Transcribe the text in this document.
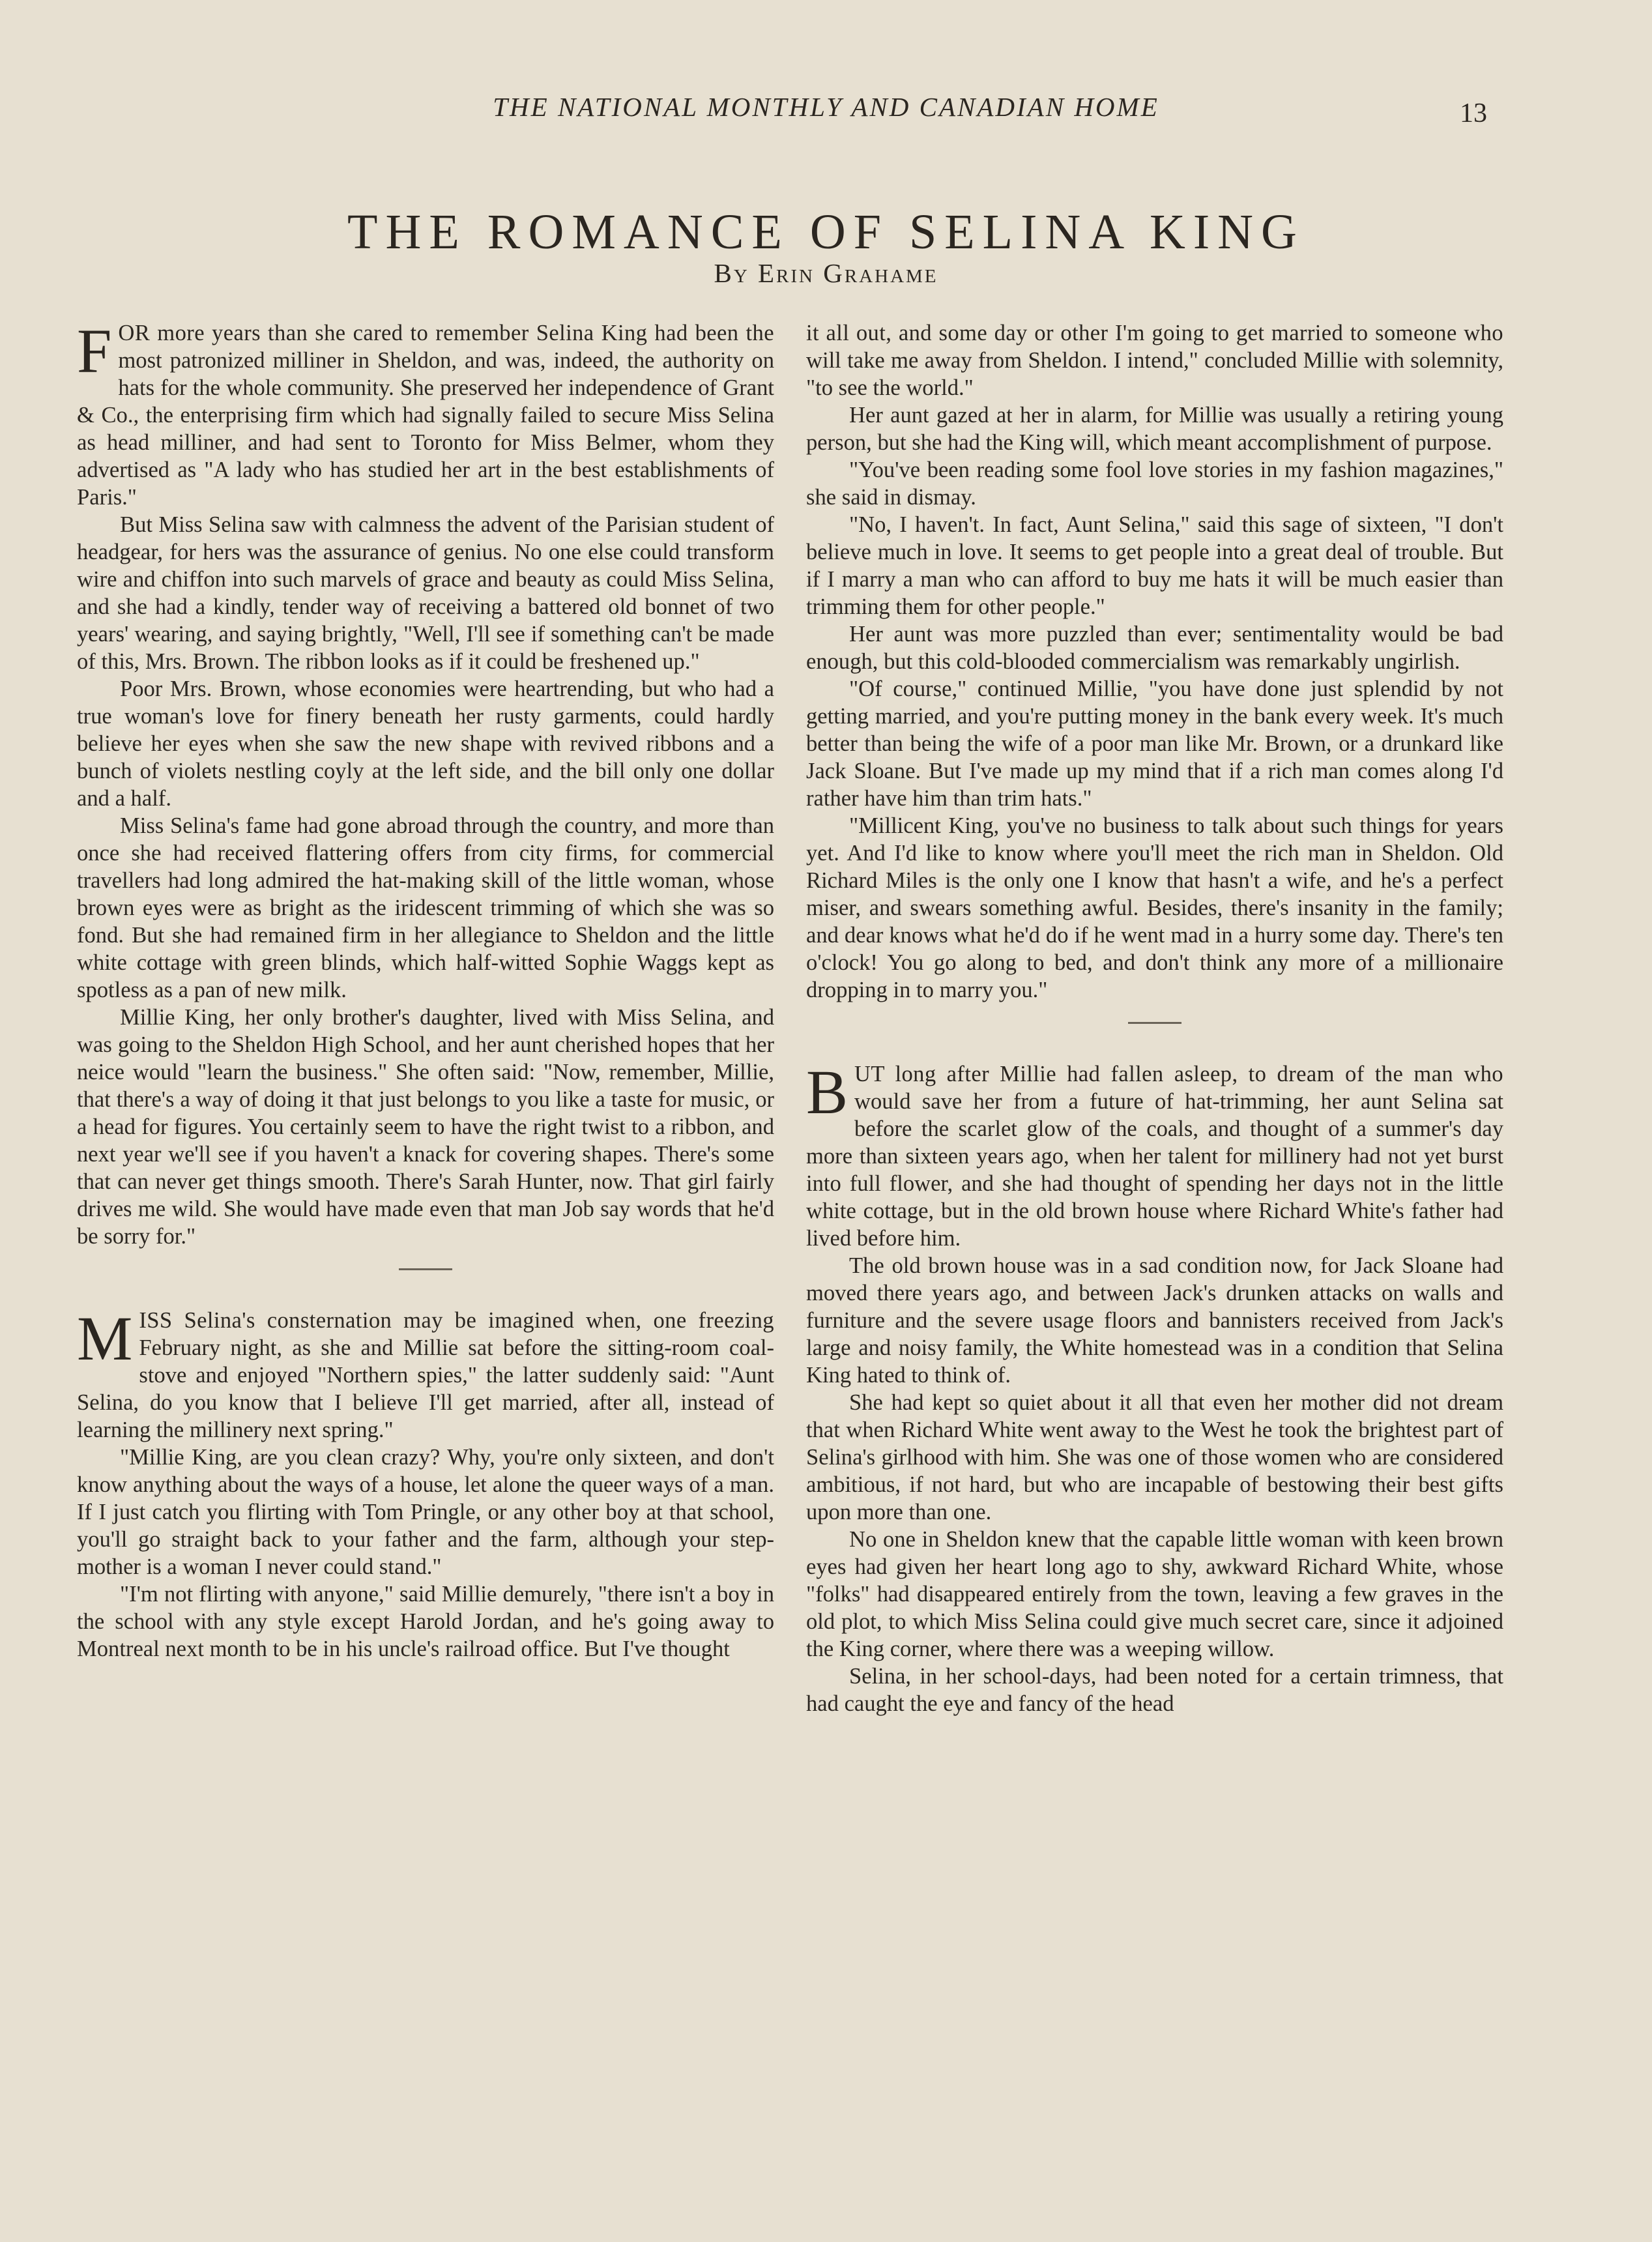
THE NATIONAL MONTHLY AND CANADIAN HOME	13
THE ROMANCE OF SELINA KING
By Erin Grahame

FOR more years than she cared to remember Selina King had been the most patronized milliner in Sheldon, and was, indeed, the authority on hats for the whole community. She preserved her independence of Grant & Co., the enterprising firm which had signally failed to secure Miss Selina as head milliner, and had sent to Toronto for Miss Belmer, whom they advertised as "A lady who has studied her art in the best establishments of Paris."

But Miss Selina saw with calmness the advent of the Parisian student of headgear, for hers was the assurance of genius. No one else could transform wire and chiffon into such marvels of grace and beauty as could Miss Selina, and she had a kindly, tender way of receiving a battered old bonnet of two years' wearing, and saying brightly, "Well, I'll see if something can't be made of this, Mrs. Brown. The ribbon looks as if it could be freshened up."

Poor Mrs. Brown, whose economies were heartrending, but who had a true woman's love for finery beneath her rusty garments, could hardly believe her eyes when she saw the new shape with revived ribbons and a bunch of violets nestling coyly at the left side, and the bill only one dollar and a half.

Miss Selina's fame had gone abroad through the country, and more than once she had received flattering offers from city firms, for commercial travellers had long admired the hat-making skill of the little woman, whose brown eyes were as bright as the iridescent trimming of which she was so fond. But she had remained firm in her allegiance to Sheldon and the little white cottage with green blinds, which half-witted Sophie Waggs kept as spotless as a pan of new milk.

Millie King, her only brother's daughter, lived with Miss Selina, and was going to the Sheldon High School, and her aunt cherished hopes that her neice would "learn the business." She often said: "Now, remember, Millie, that there's a way of doing it that just belongs to you like a taste for music, or a head for figures. You certainly seem to have the right twist to a ribbon, and next year we'll see if you haven't a knack for covering shapes. There's some that can never get things smooth. There's Sarah Hunter, now. That girl fairly drives me wild. She would have made even that man Job say words that he'd be sorry for."

MISS Selina's consternation may be imagined when, one freezing February night, as she and Millie sat before the sitting-room coal-stove and enjoyed "Northern spies," the latter suddenly said: "Aunt Selina, do you know that I believe I'll get married, after all, instead of learning the millinery next spring."

"Millie King, are you clean crazy? Why, you're only sixteen, and don't know anything about the ways of a house, let alone the queer ways of a man. If I just catch you flirting with Tom Pringle, or any other boy at that school, you'll go straight back to your father and the farm, although your step-mother is a woman I never could stand."

"I'm not flirting with anyone," said Millie demurely, "there isn't a boy in the school with any style except Harold Jordan, and he's going away to Montreal next month to be in his uncle's railroad office. But I've thought

it all out, and some day or other I'm going to get married to someone who will take me away from Sheldon. I intend," concluded Millie with solemnity, "to see the world."

Her aunt gazed at her in alarm, for Millie was usually a retiring young person, but she had the King will, which meant accomplishment of purpose.

"You've been reading some fool love stories in my fashion magazines," she said in dismay.

"No, I haven't. In fact, Aunt Selina," said this sage of sixteen, "I don't believe much in love. It seems to get people into a great deal of trouble. But if I marry a man who can afford to buy me hats it will be much easier than trimming them for other people."

Her aunt was more puzzled than ever; sentimentality would be bad enough, but this cold-blooded commercialism was remarkably ungirlish.

"Of course," continued Millie, "you have done just splendid by not getting married, and you're putting money in the bank every week. It's much better than being the wife of a poor man like Mr. Brown, or a drunkard like Jack Sloane. But I've made up my mind that if a rich man comes along I'd rather have him than trim hats."

"Millicent King, you've no business to talk about such things for years yet. And I'd like to know where you'll meet the rich man in Sheldon. Old Richard Miles is the only one I know that hasn't a wife, and he's a perfect miser, and swears something awful. Besides, there's insanity in the family; and dear knows what he'd do if he went mad in a hurry some day. There's ten o'clock! You go along to bed, and don't think any more of a millionaire dropping in to marry you."

BUT long after Millie had fallen asleep, to dream of the man who would save her from a future of hat-trimming, her aunt Selina sat before the scarlet glow of the coals, and thought of a summer's day more than sixteen years ago, when her talent for millinery had not yet burst into full flower, and she had thought of spending her days not in the little white cottage, but in the old brown house where Richard White's father had lived before him.

The old brown house was in a sad condition now, for Jack Sloane had moved there years ago, and between Jack's drunken attacks on walls and furniture and the severe usage floors and bannisters received from Jack's large and noisy family, the White homestead was in a condition that Selina King hated to think of.

She had kept so quiet about it all that even her mother did not dream that when Richard White went away to the West he took the brightest part of Selina's girlhood with him. She was one of those women who are considered ambitious, if not hard, but who are incapable of bestowing their best gifts upon more than one.

No one in Sheldon knew that the capable little woman with keen brown eyes had given her heart long ago to shy, awkward Richard White, whose "folks" had disappeared entirely from the town, leaving a few graves in the old plot, to which Miss Selina could give much secret care, since it adjoined the King corner, where there was a weeping willow.

Selina, in her school-days, had been noted for a certain trimness, that had caught the eye and fancy of the head
